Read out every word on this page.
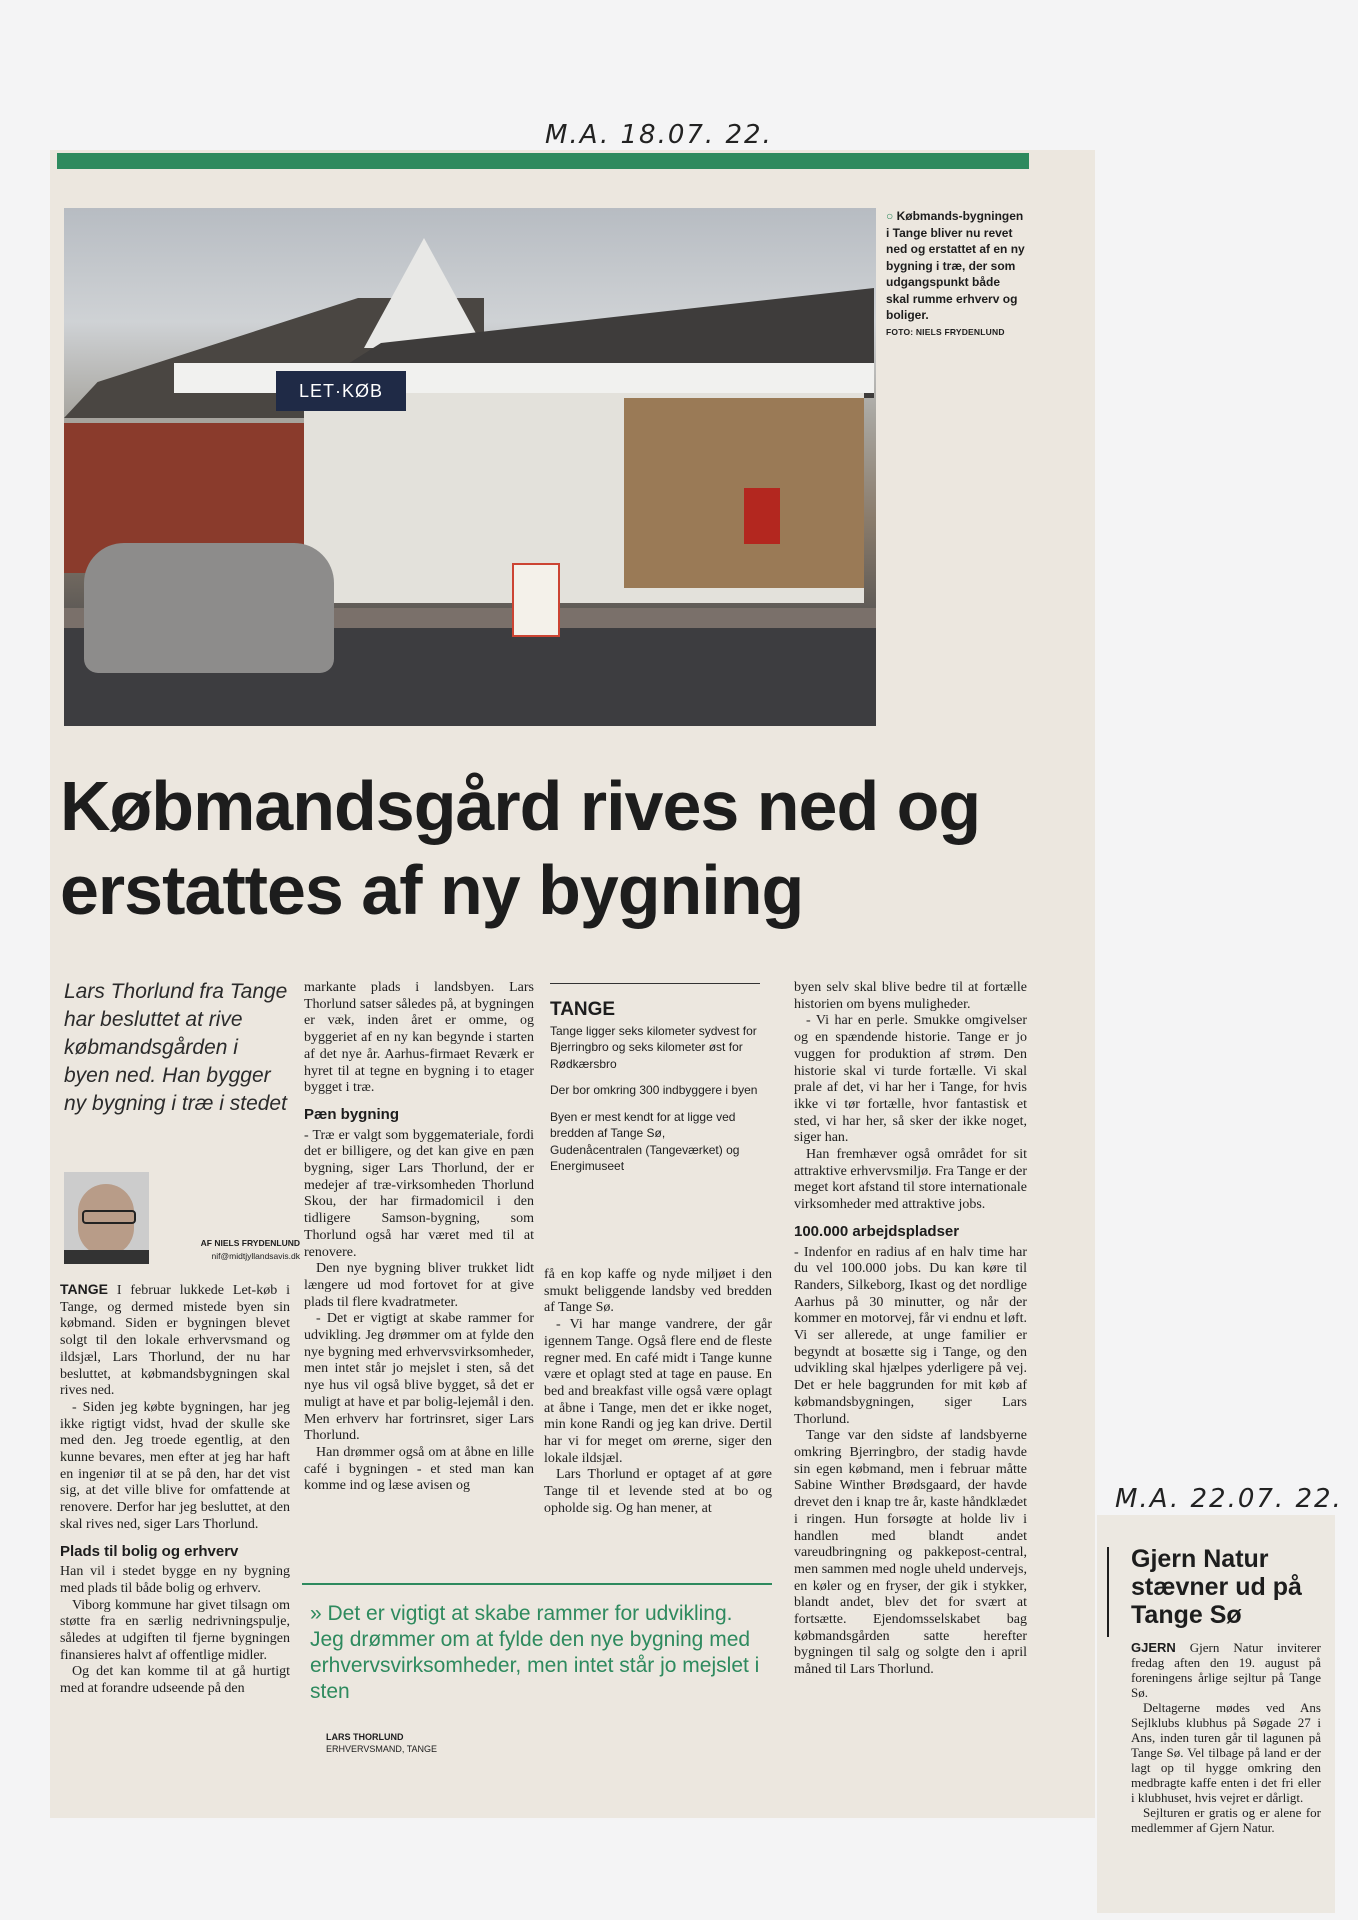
M.A. 18.07. 22.
LET·KØB
○ Købmands-bygningen i Tange bliver nu revet ned og erstattet af en ny bygning i træ, der som udgangspunkt både skal rumme erhverv og boliger.
FOTO: NIELS FRYDENLUND
Købmandsgård rives ned og erstattes af ny bygning
Lars Thorlund fra Tange har besluttet at rive købmandsgården i byen ned. Han bygger ny bygning i træ i stedet
AF NIELS FRYDENLUND
nif@midtjyllandsavis.dk

TANGE I februar lukkede Let-køb i Tange, og dermed mistede byen sin købmand. Siden er bygningen blevet solgt til den lokale erhvervsmand og ildsjæl, Lars Thorlund, der nu har besluttet, at købmandsbygningen skal rives ned.

- Siden jeg købte bygningen, har jeg ikke rigtigt vidst, hvad der skulle ske med den. Jeg troede egentlig, at den kunne bevares, men efter at jeg har haft en ingeniør til at se på den, har det vist sig, at det ville blive for omfattende at renovere. Derfor har jeg besluttet, at den skal rives ned, siger Lars Thorlund.

Plads til bolig og erhverv

Han vil i stedet bygge en ny bygning med plads til både bolig og erhverv.

Viborg kommune har givet tilsagn om støtte fra en særlig nedrivningspulje, således at udgiften til fjerne bygningen finansieres halvt af offentlige midler.

Og det kan komme til at gå hurtigt med at forandre udseende på den

markante plads i landsbyen. Lars Thorlund satser således på, at bygningen er væk, inden året er omme, og byggeriet af en ny kan begynde i starten af det nye år. Aarhus-firmaet Reværk er hyret til at tegne en bygning i to etager bygget i træ.

Pæn bygning

- Træ er valgt som byggemateriale, fordi det er billigere, og det kan give en pæn bygning, siger Lars Thorlund, der er medejer af træ-virksomheden Thorlund Skou, der har firmadomicil i den tidligere Samson-bygning, som Thorlund også har været med til at renovere.

Den nye bygning bliver trukket lidt længere ud mod fortovet for at give plads til flere kvadratmeter.

- Det er vigtigt at skabe rammer for udvikling. Jeg drømmer om at fylde den nye bygning med erhvervsvirksomheder, men intet står jo mejslet i sten, så det nye hus vil også blive bygget, så det er muligt at have et par bolig-lejemål i den. Men erhverv har fortrinsret, siger Lars Thorlund.

Han drømmer også om at åbne en lille café i bygningen - et sted man kan komme ind og læse avisen og

TANGE

Tange ligger seks kilometer sydvest for Bjerringbro og seks kilometer øst for Rødkærsbro

Der bor omkring 300 indbyggere i byen

Byen er mest kendt for at ligge ved bredden af Tange Sø, Gudenåcentralen (Tangeværket) og Energimuseet

få en kop kaffe og nyde miljøet i den smukt beliggende landsby ved bredden af Tange Sø.

- Vi har mange vandrere, der går igennem Tange. Også flere end de fleste regner med. En café midt i Tange kunne være et oplagt sted at tage en pause. En bed and breakfast ville også være oplagt at åbne i Tange, men det er ikke noget, min kone Randi og jeg kan drive. Dertil har vi for meget om ørerne, siger den lokale ildsjæl.

Lars Thorlund er optaget af at gøre Tange til et levende sted at bo og opholde sig. Og han mener, at

» Det er vigtigt at skabe rammer for udvikling. Jeg drømmer om at fylde den nye bygning med erhvervsvirksomheder, men intet står jo mejslet i sten
LARS THORLUND
ERHVERVSMAND, TANGE

byen selv skal blive bedre til at fortælle historien om byens muligheder.

- Vi har en perle. Smukke omgivelser og en spændende historie. Tange er jo vuggen for produktion af strøm. Den historie skal vi turde fortælle. Vi skal prale af det, vi har her i Tange, for hvis ikke vi tør fortælle, hvor fantastisk et sted, vi har her, så sker der ikke noget, siger han.

Han fremhæver også området for sit attraktive erhvervsmiljø. Fra Tange er der meget kort afstand til store internationale virksomheder med attraktive jobs.

100.000 arbejdspladser

- Indenfor en radius af en halv time har du vel 100.000 jobs. Du kan køre til Randers, Silkeborg, Ikast og det nordlige Aarhus på 30 minutter, og når der kommer en motorvej, får vi endnu et løft. Vi ser allerede, at unge familier er begyndt at bosætte sig i Tange, og den udvikling skal hjælpes yderligere på vej. Det er hele baggrunden for mit køb af købmandsbygningen, siger Lars Thorlund.

Tange var den sidste af landsbyerne omkring Bjerringbro, der stadig havde sin egen købmand, men i februar måtte Sabine Winther Brødsgaard, der havde drevet den i knap tre år, kaste håndklædet i ringen. Hun forsøgte at holde liv i handlen med blandt andet vareudbringning og pakkepost-central, men sammen med nogle uheld undervejs, en køler og en fryser, der gik i stykker, blandt andet, blev det for svært at fortsætte. Ejendomsselskabet bag købmandsgården satte herefter bygningen til salg og solgte den i april måned til Lars Thorlund.

M.A. 22.07. 22.
Gjern Natur stævner ud på Tange Sø

GJERN Gjern Natur inviterer fredag aften den 19. august på foreningens årlige sejltur på Tange Sø.

Deltagerne mødes ved Ans Sejlklubs klubhus på Søgade 27 i Ans, inden turen går til lagunen på Tange Sø. Vel tilbage på land er der lagt op til hygge omkring den medbragte kaffe enten i det fri eller i klubhuset, hvis vejret er dårligt.

Sejlturen er gratis og er alene for medlemmer af Gjern Natur.
